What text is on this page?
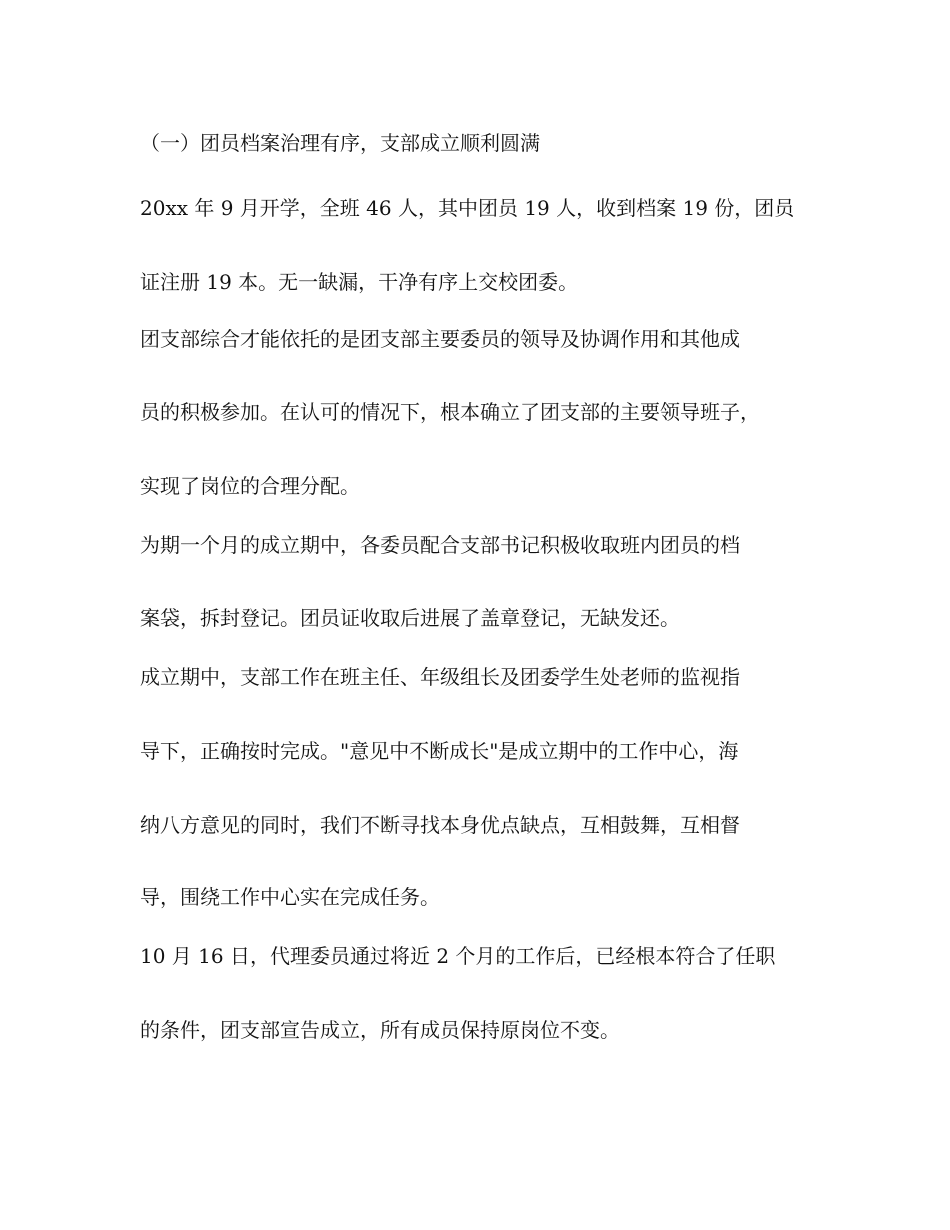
（一）团员档案治理有序，支部成立顺利圆满
20xx 年 9 月开学，全班 46 人，其中团员 19 人，收到档案 19 份，团员
证注册 19 本。无一缺漏，干净有序上交校团委。
团支部综合才能依托的是团支部主要委员的领导及协调作用和其他成
员的积极参加。在认可的情况下，根本确立了团支部的主要领导班子，
实现了岗位的合理分配。
为期一个月的成立期中，各委员配合支部书记积极收取班内团员的档
案袋，拆封登记。团员证收取后进展了盖章登记，无缺发还。
成立期中，支部工作在班主任、年级组长及团委学生处老师的监视指
导下，正确按时完成。"意见中不断成长"是成立期中的工作中心，海
纳八方意见的同时，我们不断寻找本身优点缺点，互相鼓舞，互相督
导，围绕工作中心实在完成任务。
10 月 16 日，代理委员通过将近 2 个月的工作后，已经根本符合了任职
的条件，团支部宣告成立，所有成员保持原岗位不变。
